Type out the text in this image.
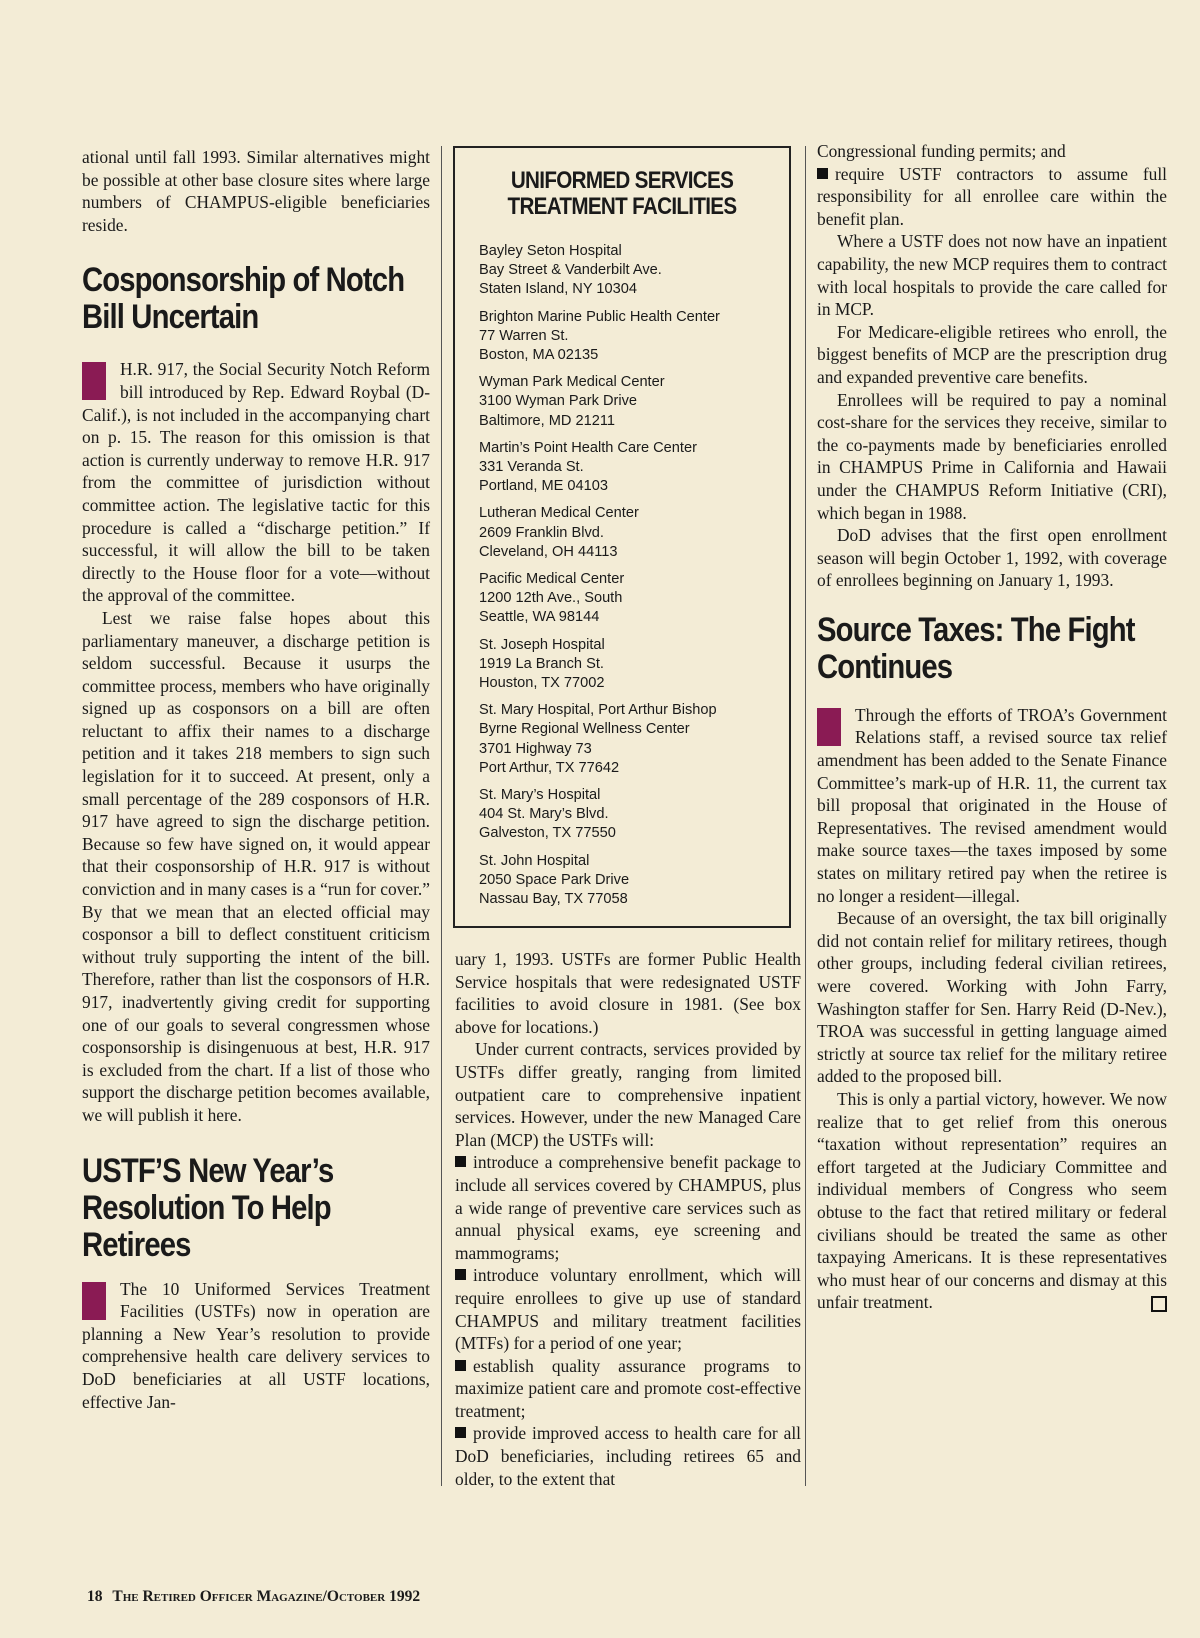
ational until fall 1993. Similar alternatives might be possible at other base closure sites where large numbers of CHAMPUS-eligible beneficiaries reside.

Cosponsorship of Notch Bill Uncertain

H.R. 917, the Social Security Notch Reform bill introduced by Rep. Edward Roybal (D-Calif.), is not included in the accompanying chart on p. 15. The reason for this omission is that action is currently underway to remove H.R. 917 from the committee of jurisdiction without committee action. The legislative tactic for this procedure is called a “discharge petition.” If successful, it will allow the bill to be taken directly to the House floor for a vote—without the approval of the committee.

Lest we raise false hopes about this parliamentary maneuver, a discharge petition is seldom successful. Because it usurps the committee process, members who have originally signed up as cosponsors on a bill are often reluctant to affix their names to a discharge petition and it takes 218 members to sign such legislation for it to succeed. At present, only a small percentage of the 289 cosponsors of H.R. 917 have agreed to sign the discharge petition. Because so few have signed on, it would appear that their cosponsorship of H.R. 917 is without conviction and in many cases is a “run for cover.” By that we mean that an elected official may cosponsor a bill to deflect constituent criticism without truly supporting the intent of the bill. Therefore, rather than list the cosponsors of H.R. 917, inadvertently giving credit for supporting one of our goals to several congressmen whose cosponsorship is disingenuous at best, H.R. 917 is excluded from the chart. If a list of those who support the discharge petition becomes available, we will publish it here.

USTF’S New Year’s Resolution To Help Retirees

The 10 Uniformed Services Treatment Facilities (USTFs) now in operation are planning a New Year’s resolution to provide comprehensive health care delivery services to DoD beneficiaries at all USTF locations, effective Jan-

UNIFORMED SERVICES TREATMENT FACILITIES
Bayley Seton Hospital
Bay Street & Vanderbilt Ave.
Staten Island, NY 10304
Brighton Marine Public Health Center
77 Warren St.
Boston, MA 02135
Wyman Park Medical Center
3100 Wyman Park Drive
Baltimore, MD 21211
Martin’s Point Health Care Center
331 Veranda St.
Portland, ME 04103
Lutheran Medical Center
2609 Franklin Blvd.
Cleveland, OH 44113
Pacific Medical Center
1200 12th Ave., South
Seattle, WA 98144
St. Joseph Hospital
1919 La Branch St.
Houston, TX 77002
St. Mary Hospital, Port Arthur Bishop
Byrne Regional Wellness Center
3701 Highway 73
Port Arthur, TX 77642
St. Mary’s Hospital
404 St. Mary’s Blvd.
Galveston, TX 77550
St. John Hospital
2050 Space Park Drive
Nassau Bay, TX 77058

uary 1, 1993. USTFs are former Public Health Service hospitals that were redesignated USTF facilities to avoid closure in 1981. (See box above for locations.)

Under current contracts, services provided by USTFs differ greatly, ranging from limited outpatient care to comprehensive inpatient services. However, under the new Managed Care Plan (MCP) the USTFs will:

introduce a comprehensive benefit package to include all services covered by CHAMPUS, plus a wide range of preventive care services such as annual physical exams, eye screening and mammograms;

introduce voluntary enrollment, which will require enrollees to give up use of standard CHAMPUS and military treatment facilities (MTFs) for a period of one year;

establish quality assurance programs to maximize patient care and promote cost-effective treatment;

provide improved access to health care for all DoD beneficiaries, including retirees 65 and older, to the extent that

Congressional funding permits; and

require USTF contractors to assume full responsibility for all enrollee care within the benefit plan.

Where a USTF does not now have an inpatient capability, the new MCP requires them to contract with local hospitals to provide the care called for in MCP.

For Medicare-eligible retirees who enroll, the biggest benefits of MCP are the prescription drug and expanded preventive care benefits.

Enrollees will be required to pay a nominal cost-share for the services they receive, similar to the co-payments made by beneficiaries enrolled in CHAMPUS Prime in California and Hawaii under the CHAMPUS Reform Initiative (CRI), which began in 1988.

DoD advises that the first open enrollment season will begin October 1, 1992, with coverage of enrollees beginning on January 1, 1993.

Source Taxes: The Fight Continues

Through the efforts of TROA’s Government Relations staff, a revised source tax relief amendment has been added to the Senate Finance Committee’s mark-up of H.R. 11, the current tax bill proposal that originated in the House of Representatives. The revised amendment would make source taxes—the taxes imposed by some states on military retired pay when the retiree is no longer a resident—illegal.

Because of an oversight, the tax bill originally did not contain relief for military retirees, though other groups, including federal civilian retirees, were covered. Working with John Farry, Washington staffer for Sen. Harry Reid (D-Nev.), TROA was successful in getting language aimed strictly at source tax relief for the military retiree added to the proposed bill.

This is only a partial victory, however. We now realize that to get relief from this onerous “taxation without representation” requires an effort targeted at the Judiciary Committee and individual members of Congress who seem obtuse to the fact that retired military or federal civilians should be treated the same as other taxpaying Americans. It is these representatives who must hear of our concerns and dismay at this unfair treatment.

18 The Retired Officer Magazine/October 1992
